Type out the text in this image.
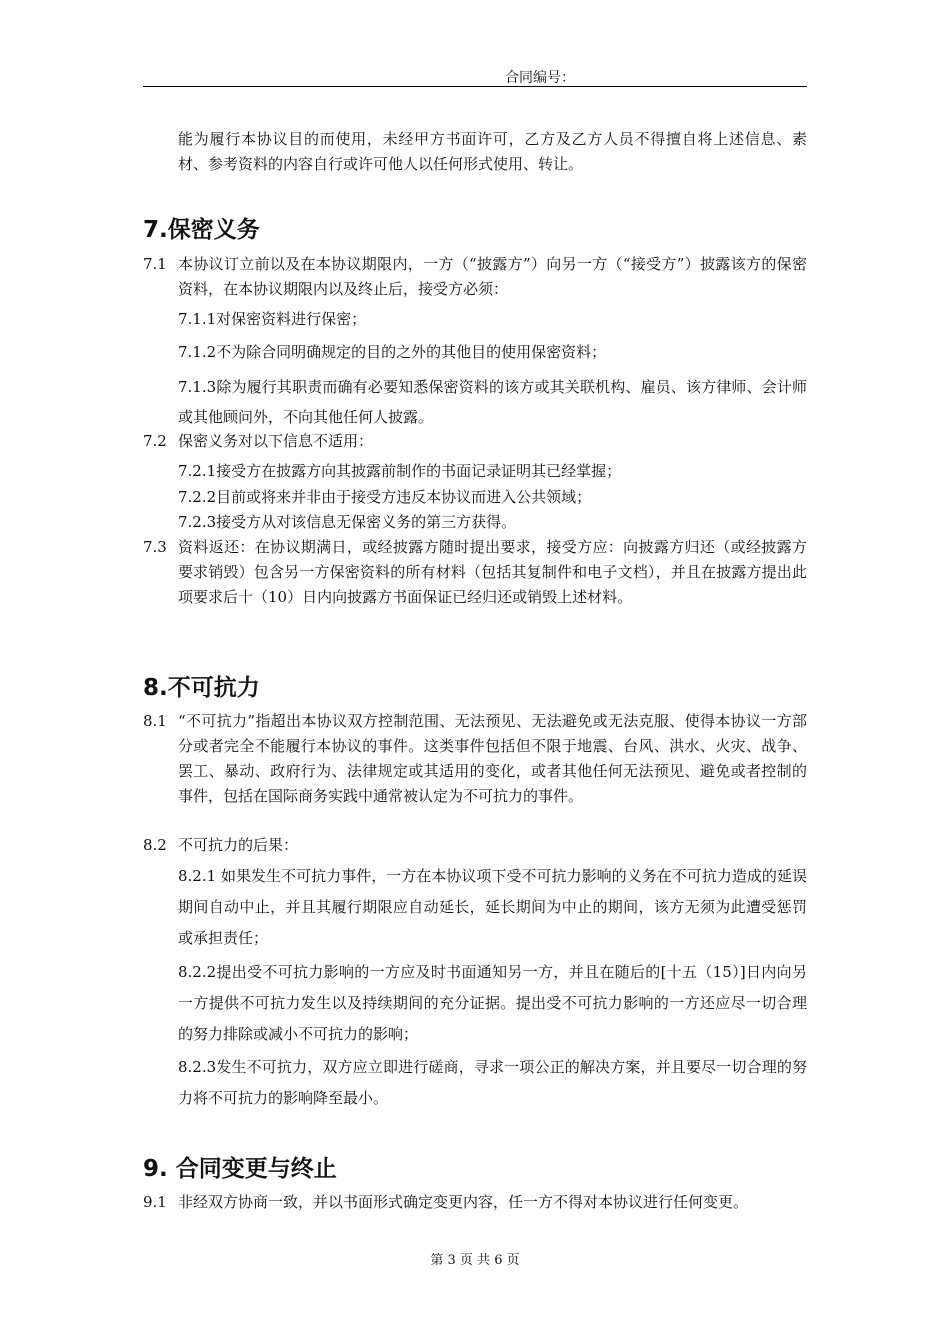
合同编号：
能为履行本协议目的而使用，未经甲方书面许可，乙方及乙方人员不得擅自将上述信息、素材、参考资料的内容自行或许可他人以任何形式使用、转让。
7.保密义务
7.1 本协议订立前以及在本协议期限内，一方（“披露方”）向另一方（“接受方”）披露该方的保密资料，在本协议期限内以及终止后，接受方必须：
7.1.1对保密资料进行保密；
7.1.2不为除合同明确规定的目的之外的其他目的使用保密资料；
7.1.3除为履行其职责而确有必要知悉保密资料的该方或其关联机构、雇员、该方律师、会计师或其他顾问外，不向其他任何人披露。
7.2 保密义务对以下信息不适用：
7.2.1接受方在披露方向其披露前制作的书面记录证明其已经掌握；
7.2.2目前或将来并非由于接受方违反本协议而进入公共领域；
7.2.3接受方从对该信息无保密义务的第三方获得。
7.3 资料返还：在协议期满日，或经披露方随时提出要求，接受方应：向披露方归还（或经披露方要求销毁）包含另一方保密资料的所有材料（包括其复制件和电子文档），并且在披露方提出此项要求后十（10）日内向披露方书面保证已经归还或销毁上述材料。
8.不可抗力
8.1 “不可抗力”指超出本协议双方控制范围、无法预见、无法避免或无法克服、使得本协议一方部分或者完全不能履行本协议的事件。这类事件包括但不限于地震、台风、洪水、火灾、战争、罢工、暴动、政府行为、法律规定或其适用的变化，或者其他任何无法预见、避免或者控制的事件，包括在国际商务实践中通常被认定为不可抗力的事件。
8.2 不可抗力的后果：
8.2.1 如果发生不可抗力事件，一方在本协议项下受不可抗力影响的义务在不可抗力造成的延误期间自动中止，并且其履行期限应自动延长，延长期间为中止的期间，该方无须为此遭受惩罚或承担责任；
8.2.2提出受不可抗力影响的一方应及时书面通知另一方，并且在随后的[十五（15）]日内向另一方提供不可抗力发生以及持续期间的充分证据。提出受不可抗力影响的一方还应尽一切合理的努力排除或减小不可抗力的影响；
8.2.3发生不可抗力，双方应立即进行磋商，寻求一项公正的解决方案，并且要尽一切合理的努力将不可抗力的影响降至最小。
9. 合同变更与终止
9.1 非经双方协商一致，并以书面形式确定变更内容，任一方不得对本协议进行任何变更。
第 3 页 共 6 页
